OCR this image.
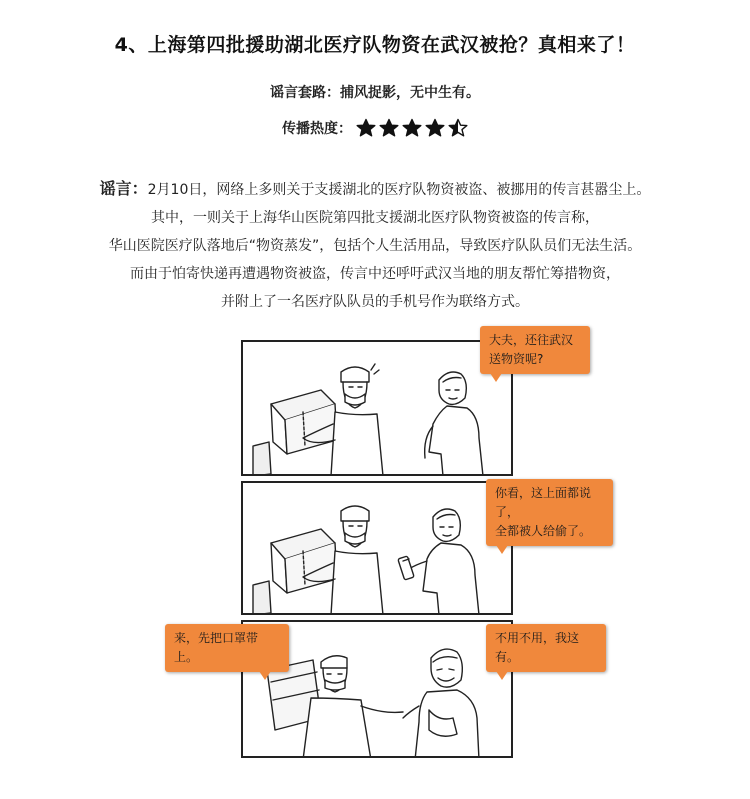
4、上海第四批援助湖北医疗队物资在武汉被抢？真相来了！
谣言套路：捕风捉影，无中生有。
传播热度：
谣言：2月10日，网络上多则关于支援湖北的医疗队物资被盗、被挪用的传言甚嚣尘上。
其中，一则关于上海华山医院第四批支援湖北医疗队物资被盗的传言称，
华山医院医疗队落地后“物资蒸发”，包括个人生活用品，导致医疗队队员们无法生活。
而由于怕寄快递再遭遇物资被盗，传言中还呼吁武汉当地的朋友帮忙筹措物资，
并附上了一名医疗队队员的手机号作为联络方式。
大夫，还往武汉
送物资呢?
你看，这上面都说了，
全都被人给偷了。
来，先把口罩带上。
不用不用，我这有。
